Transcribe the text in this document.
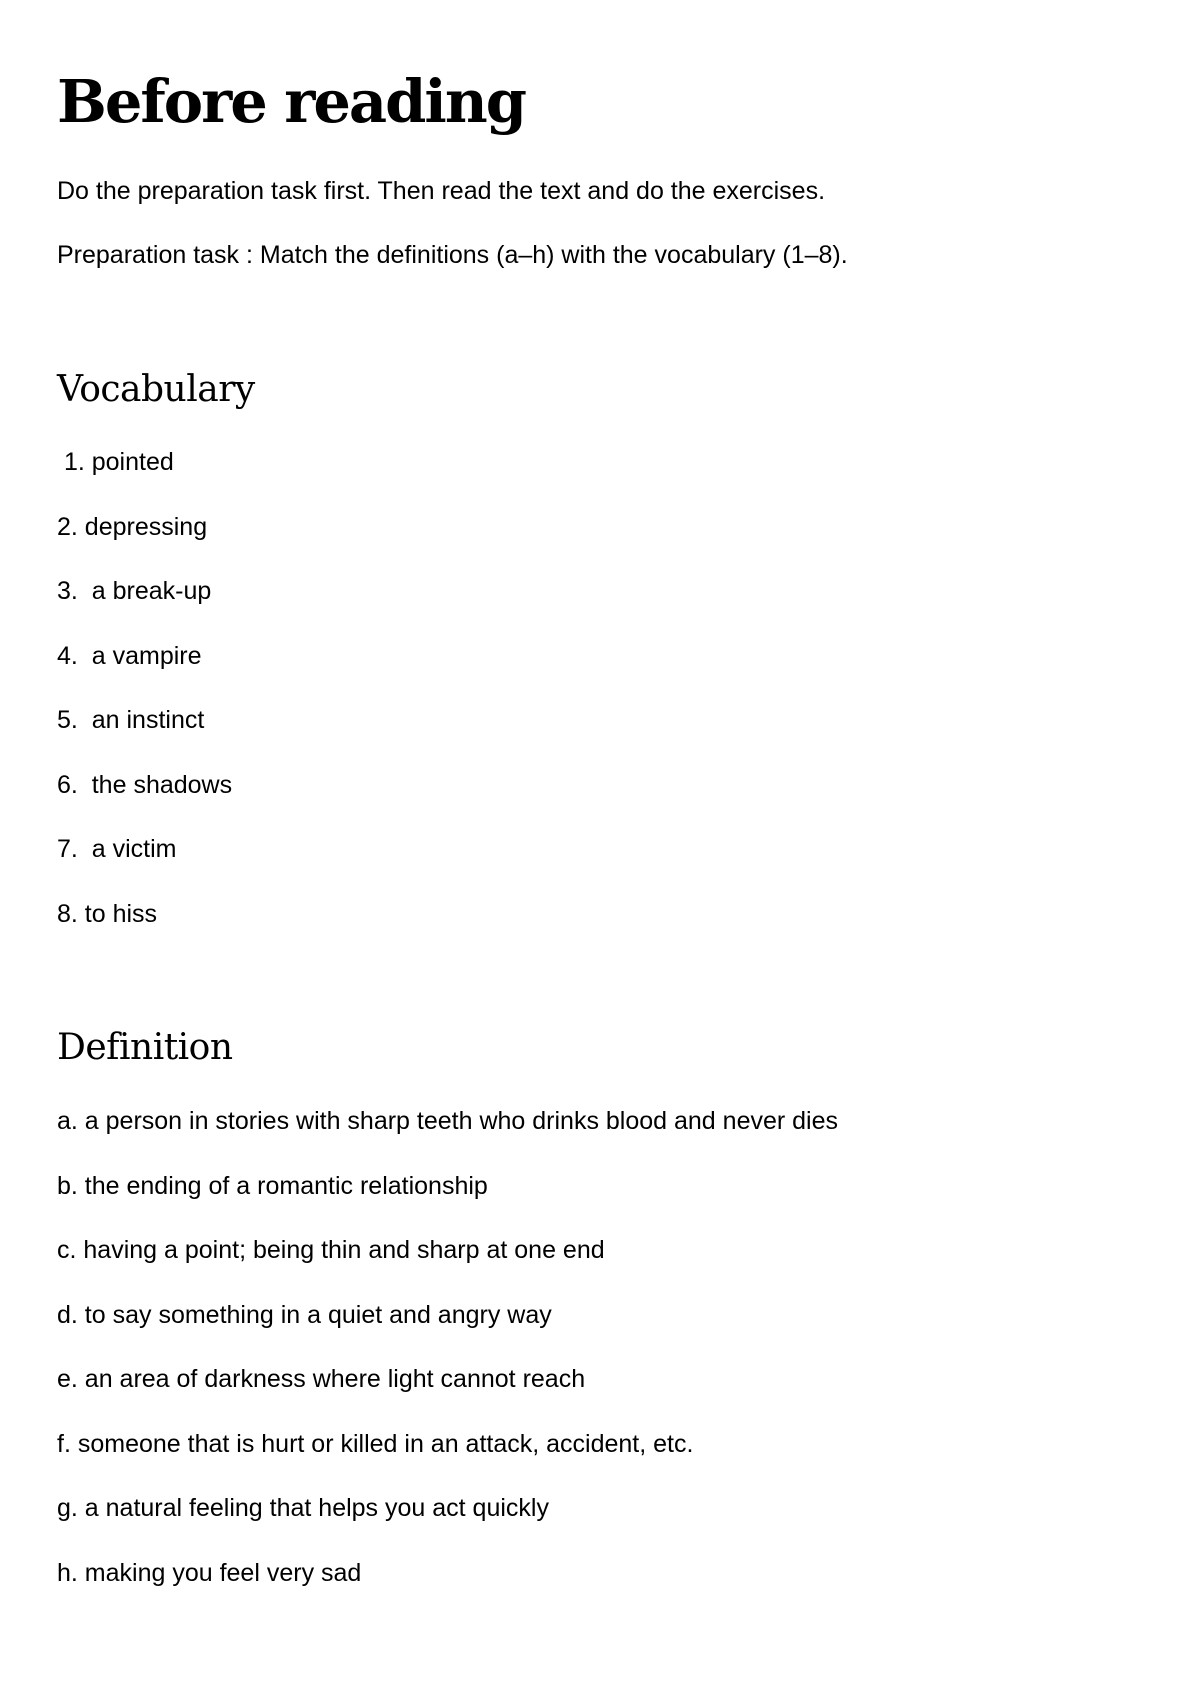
Before reading

Do the preparation task first. Then read the text and do the exercises.

Preparation task : Match the definitions (a–h) with the vocabulary (1–8).

Vocabulary
1. pointed
2. depressing
3.  a break-up
4.  a vampire
5.  an instinct
6.  the shadows
7.  a victim
8. to hiss
Definition
a. a person in stories with sharp teeth who drinks blood and never dies
b. the ending of a romantic relationship
c. having a point; being thin and sharp at one end
d. to say something in a quiet and angry way
e. an area of darkness where light cannot reach
f. someone that is hurt or killed in an attack, accident, etc.
g. a natural feeling that helps you act quickly
h. making you feel very sad
